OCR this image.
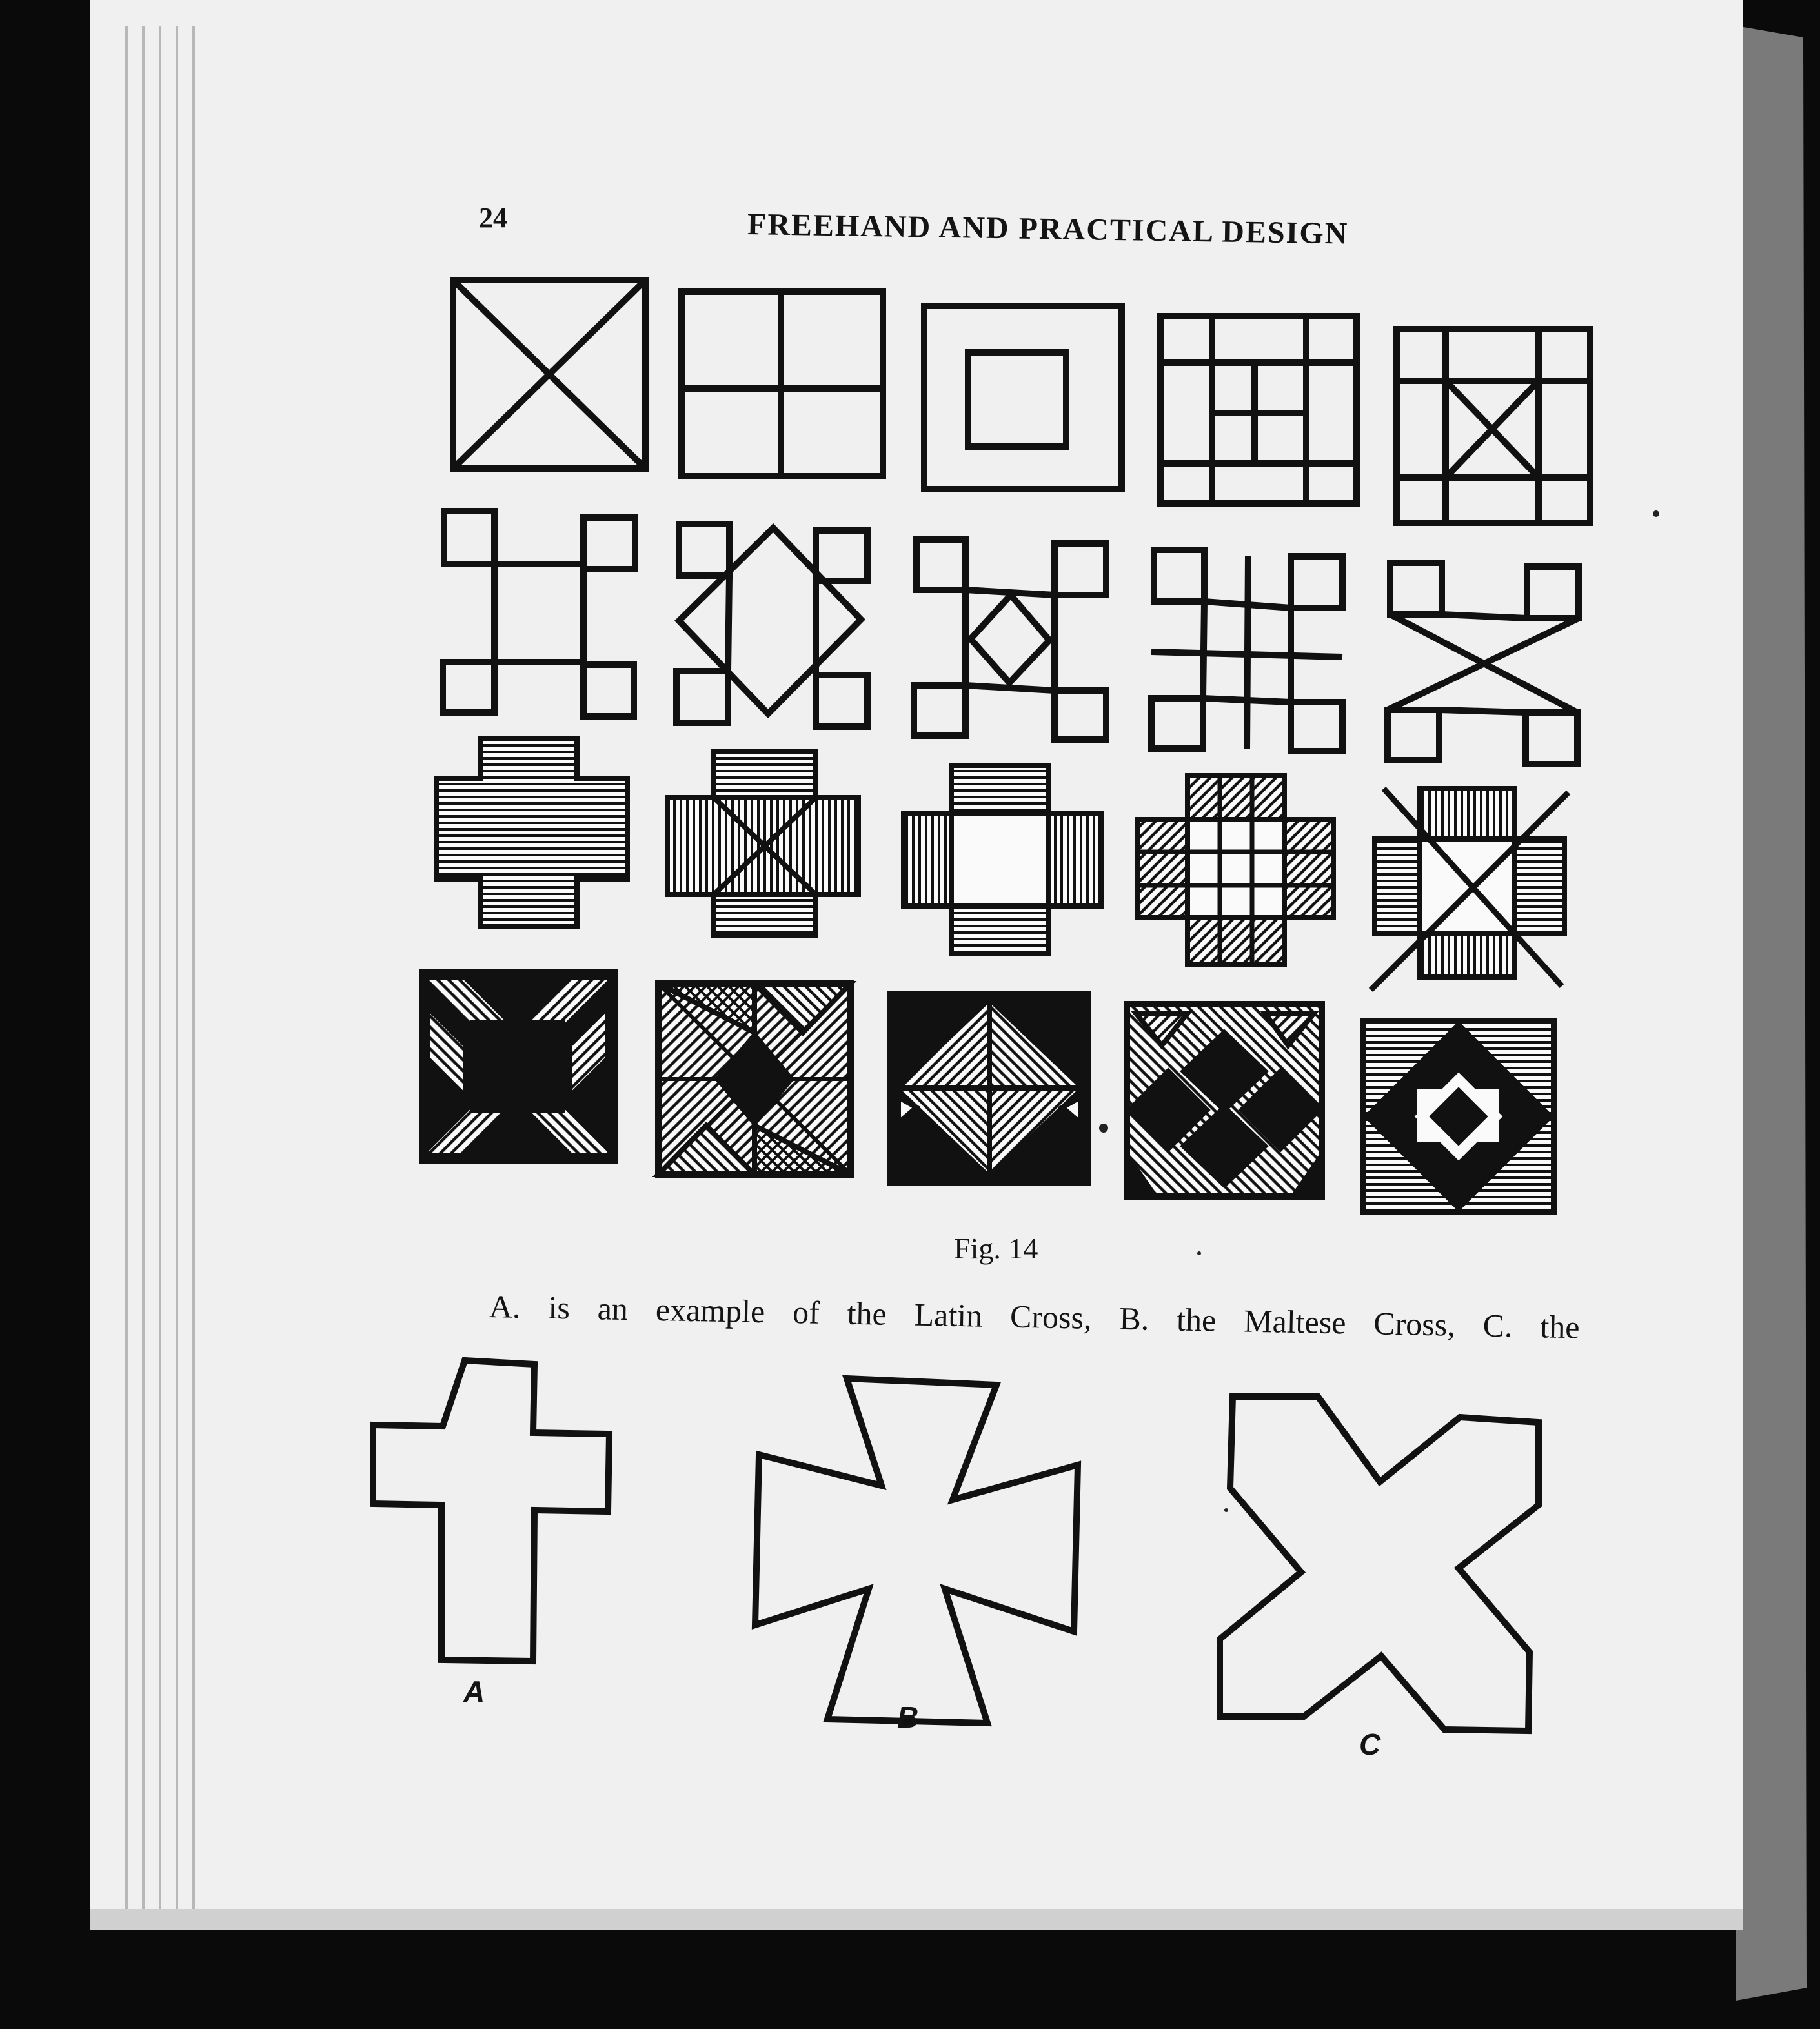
24	FREEHAND AND PRACTICAL DESIGN
Fig. 14
A. is an example of the Latin Cross, B. the Maltese Cross, C. the
A
B
C
